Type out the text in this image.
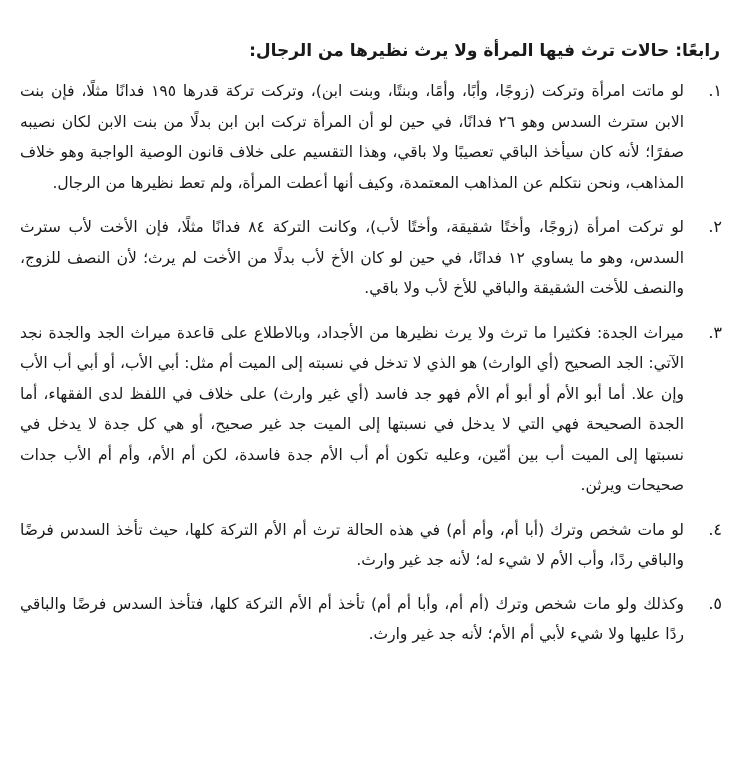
رابعًا: حالات ترث فيها المرأة ولا يرث نظيرها من الرجال:
١.

لو ماتت امرأة وتركت (زوجًا، وأبًا، وأمًا، وبنتًا، وبنت ابن)، وتركت تركة قدرها ١٩٥ فدانًا مثلًا، فإن بنت الابن سترث السدس وهو ٢٦ فدانًا، في حين لو أن المرأة تركت ابن ابن بدلًا من بنت الابن لكان نصيبه صفرًا؛ لأنه كان سيأخذ الباقي تعصيبًا ولا باقي، وهذا التقسيم على خلاف قانون الوصية الواجبة وهو خلاف المذاهب، ونحن نتكلم عن المذاهب المعتمدة، وكيف أنها أعطت المرأة، ولم تعط نظيرها من الرجال.

٢.

لو تركت امرأة (زوجًا، وأختًا شقيقة، وأختًا لأب)، وكانت التركة ٨٤ فدانًا مثلًا، فإن الأخت لأب سترث السدس، وهو ما يساوي ١٢ فدانًا، في حين لو كان الأخ لأب بدلًا من الأخت لم يرث؛ لأن النصف للزوج، والنصف للأخت الشقيقة والباقي للأخ لأب ولا باقي.

٣.

ميراث الجدة: فكثيرا ما ترث ولا يرث نظيرها من الأجداد، وبالاطلاع على قاعدة ميراث الجد والجدة نجد الآتي: الجد الصحيح (أي الوارث) هو الذي لا تدخل في نسبته إلى الميت أم مثل: أبي الأب، أو أبي أب الأب وإن علا. أما أبو الأم أو أبو أم الأم فهو جد فاسد (أي غير وارث) على خلاف في اللفظ لدى الفقهاء، أما الجدة الصحيحة فهي التي لا يدخل في نسبتها إلى الميت جد غير صحيح، أو هي كل جدة لا يدخل في نسبتها إلى الميت أب بين أمّين، وعليه تكون أم أب الأم جدة فاسدة، لكن أم الأم، وأم أم الأب جدات صحيحات ويرثن.

٤.

لو مات شخص وترك (أبا أم، وأم أم) في هذه الحالة ترث أم الأم التركة كلها، حيث تأخذ السدس فرضًا والباقي ردًا، وأب الأم لا شيء له؛ لأنه جد غير وارث.

٥.

وكذلك ولو مات شخص وترك (أم أم، وأبا أم أم) تأخذ أم الأم التركة كلها، فتأخذ السدس فرضًا والباقي ردًا عليها ولا شيء لأبي أم الأم؛ لأنه جد غير وارث.
